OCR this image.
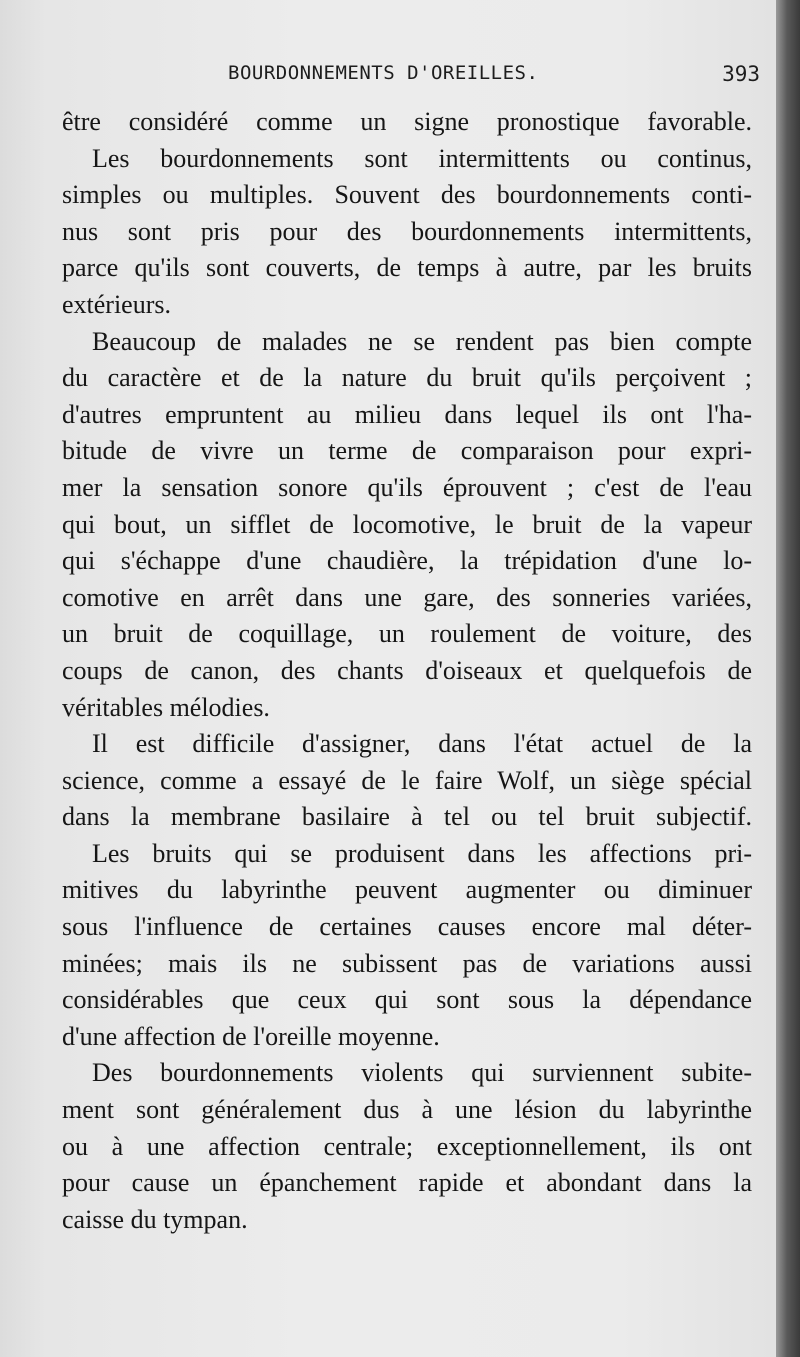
BOURDONNEMENTS D'OREILLES.	393
être considéré comme un signe pronostique favorable.
Les bourdonnements sont intermittents ou continus,
simples ou multiples. Souvent des bourdonnements conti-
nus sont pris pour des bourdonnements intermittents,
parce qu'ils sont couverts, de temps à autre, par les bruits
extérieurs.
Beaucoup de malades ne se rendent pas bien compte
du caractère et de la nature du bruit qu'ils perçoivent ;
d'autres empruntent au milieu dans lequel ils ont l'ha-
bitude de vivre un terme de comparaison pour expri-
mer la sensation sonore qu'ils éprouvent ; c'est de l'eau
qui bout, un sifflet de locomotive, le bruit de la vapeur
qui s'échappe d'une chaudière, la trépidation d'une lo-
comotive en arrêt dans une gare, des sonneries variées,
un bruit de coquillage, un roulement de voiture, des
coups de canon, des chants d'oiseaux et quelquefois de
véritables mélodies.
Il est difficile d'assigner, dans l'état actuel de la
science, comme a essayé de le faire Wolf, un siège spécial
dans la membrane basilaire à tel ou tel bruit subjectif.
Les bruits qui se produisent dans les affections pri-
mitives du labyrinthe peuvent augmenter ou diminuer
sous l'influence de certaines causes encore mal déter-
minées; mais ils ne subissent pas de variations aussi
considérables que ceux qui sont sous la dépendance
d'une affection de l'oreille moyenne.
Des bourdonnements violents qui surviennent subite-
ment sont généralement dus à une lésion du labyrinthe
ou à une affection centrale; exceptionnellement, ils ont
pour cause un épanchement rapide et abondant dans la
caisse du tympan.
